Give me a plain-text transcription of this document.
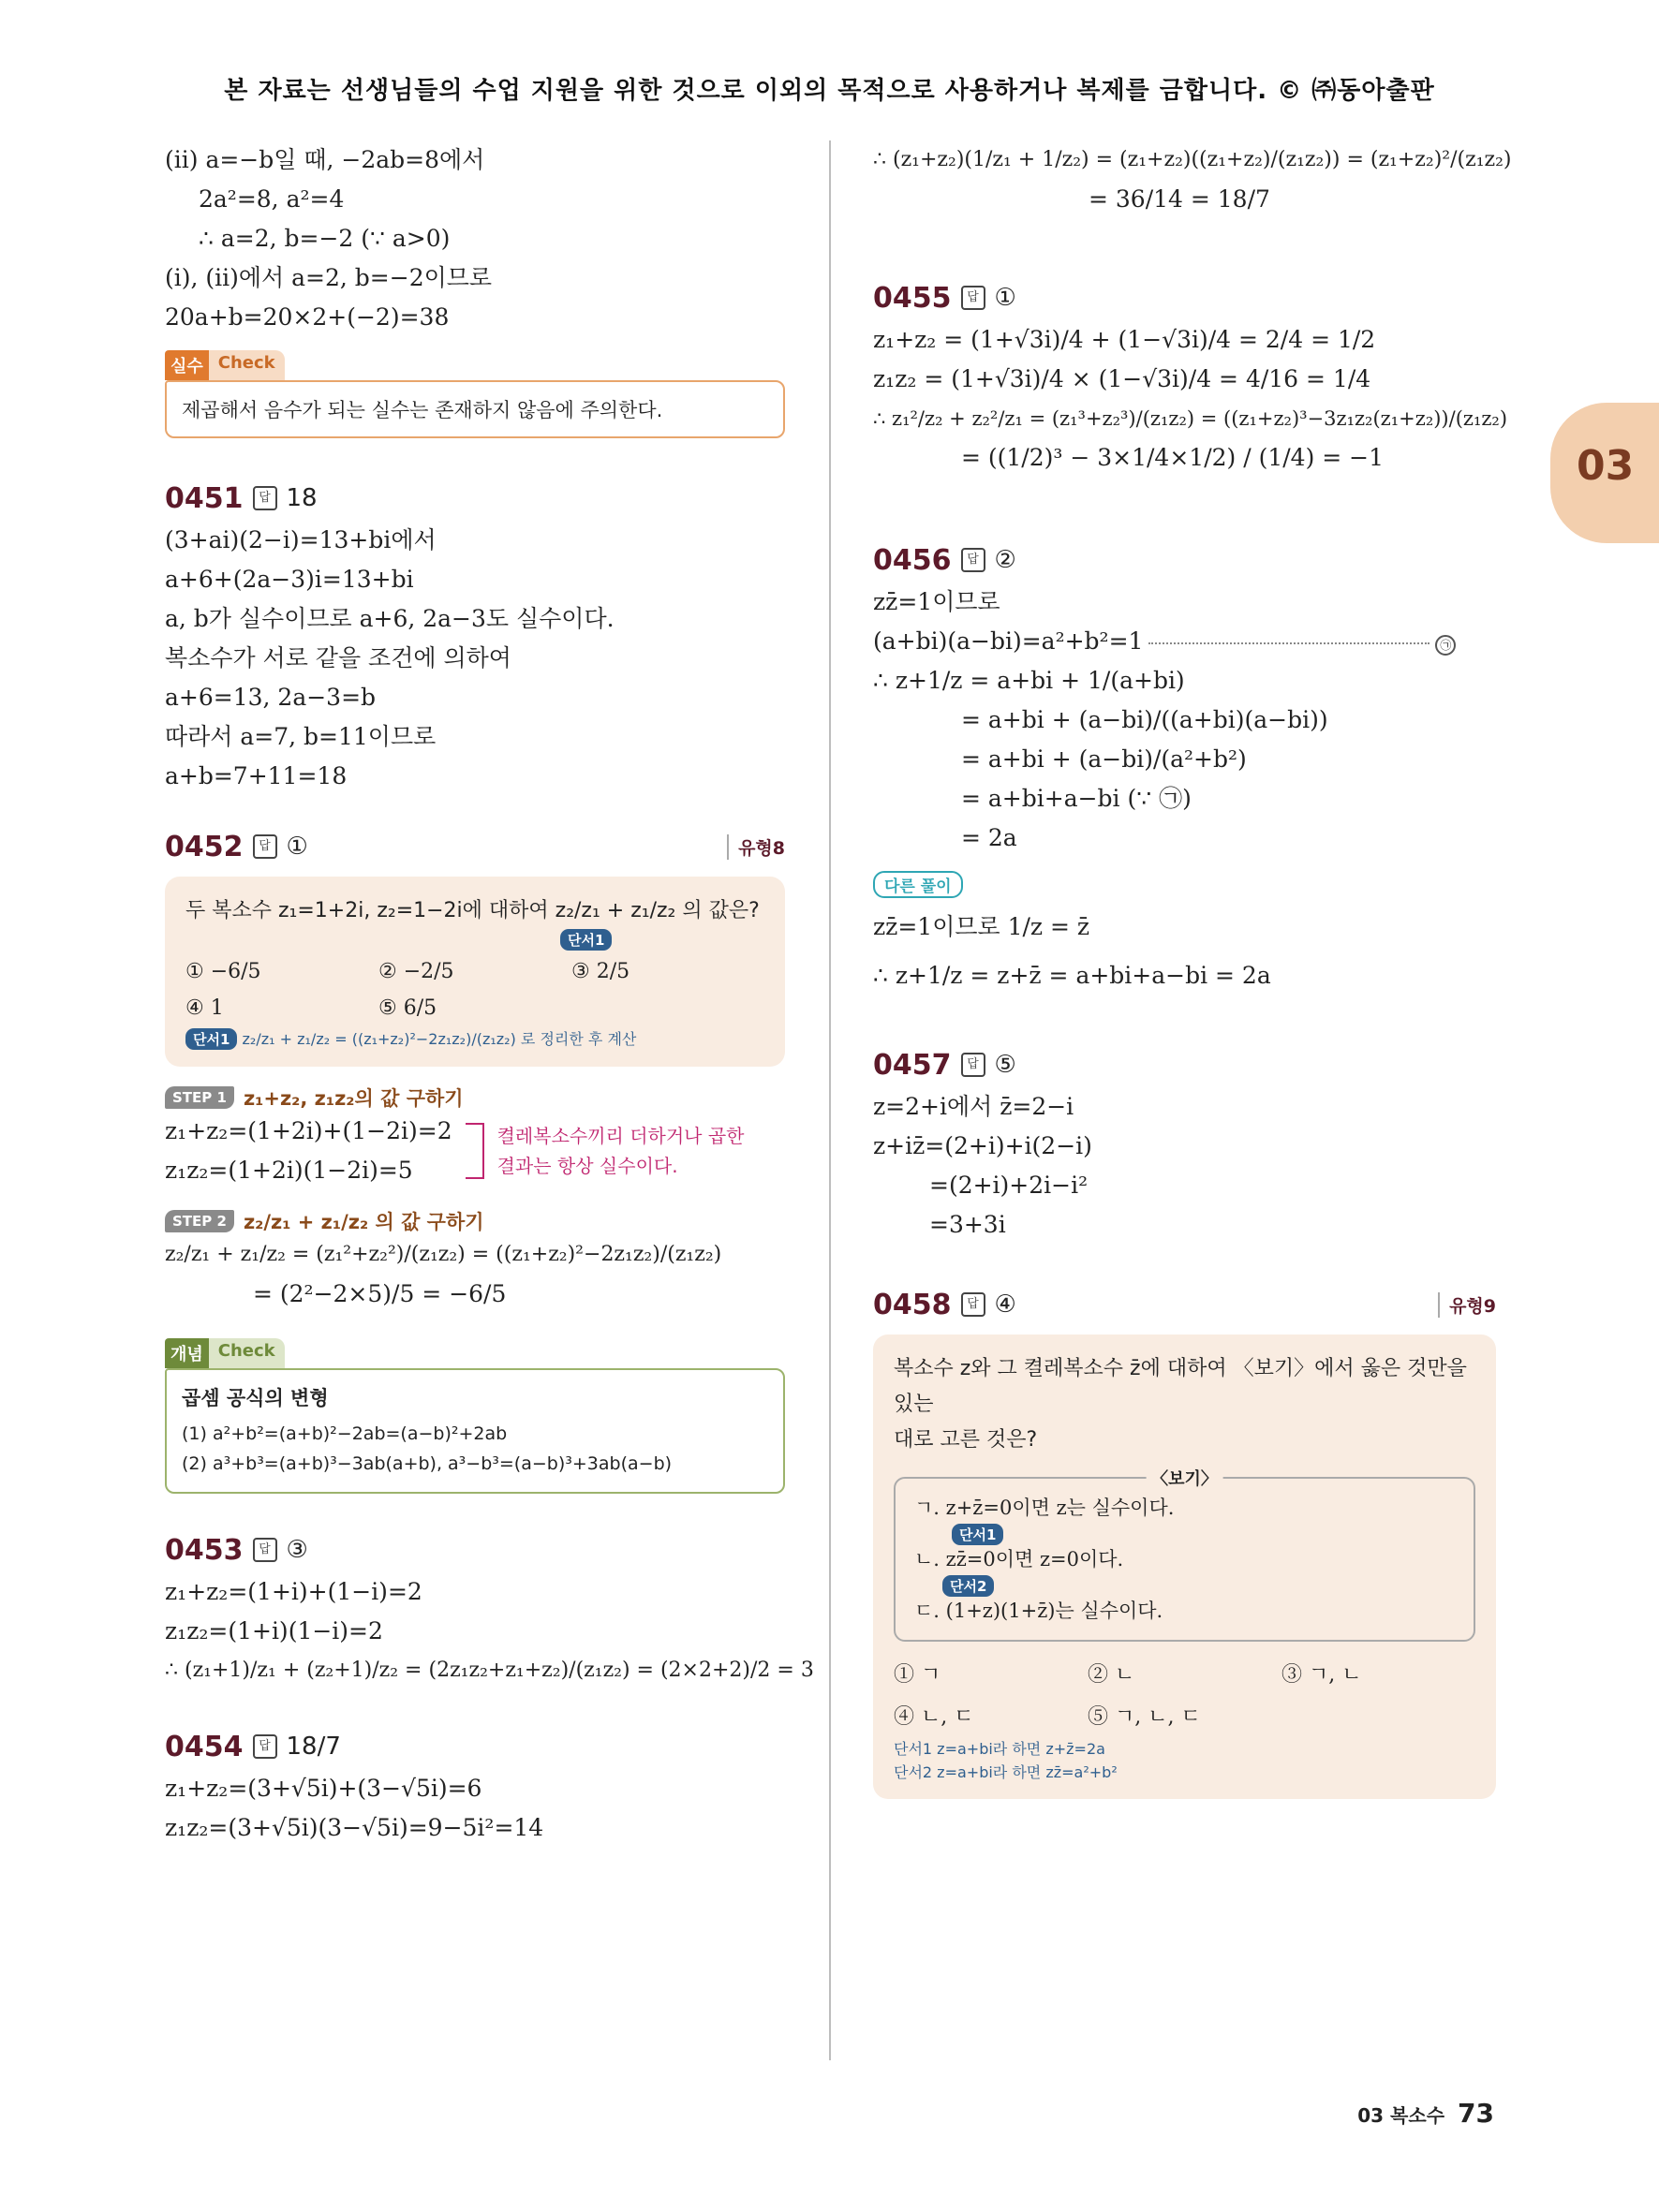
본 자료는 선생님들의 수업 지원을 위한 것으로 이외의 목적으로 사용하거나 복제를 금합니다. © ㈜동아출판
03
(ii) a=−b일 때, −2ab=8에서
2a²=8, a²=4
∴ a=2, b=−2 (∵ a>0)
(i), (ii)에서 a=2, b=−2이므로
20a+b=20×2+(−2)=38
실수 Check
제곱해서 음수가 되는 실수는 존재하지 않음에 주의한다.
0451	답 18
(3+ai)(2−i)=13+bi에서
a+6+(2a−3)i=13+bi
a, b가 실수이므로 a+6, 2a−3도 실수이다.
복소수가 서로 같을 조건에 의하여
a+6=13, 2a−3=b
따라서 a=7, b=11이므로
a+b=7+11=18
0452	답 ①	유형8
두 복소수 z₁=1+2i, z₂=1−2i에 대하여 z₂/z₁ + z₁/z₂ 의 값은?
단서1
① −6/5	② −2/5	③ 2/5
④ 1	⑤ 6/5
단서1 z₂/z₁ + z₁/z₂ = ((z₁+z₂)²−2z₁z₂)/(z₁z₂) 로 정리한 후 계산
STEP 1 z₁+z₂, z₁z₂의 값 구하기
z₁+z₂=(1+2i)+(1−2i)=2
z₁z₂=(1+2i)(1−2i)=5
켤레복소수끼리 더하거나 곱한
결과는 항상 실수이다.
STEP 2 z₂/z₁ + z₁/z₂ 의 값 구하기
z₂/z₁ + z₁/z₂ = (z₁²+z₂²)/(z₁z₂) = ((z₁+z₂)²−2z₁z₂)/(z₁z₂)
= (2²−2×5)/5 = −6/5
개념 Check
곱셈 공식의 변형
(1) a²+b²=(a+b)²−2ab=(a−b)²+2ab
(2) a³+b³=(a+b)³−3ab(a+b), a³−b³=(a−b)³+3ab(a−b)
0453	답 ③
z₁+z₂=(1+i)+(1−i)=2
z₁z₂=(1+i)(1−i)=2
∴ (z₁+1)/z₁ + (z₂+1)/z₂ = (2z₁z₂+z₁+z₂)/(z₁z₂) = (2×2+2)/2 = 3
0454	답 18/7
z₁+z₂=(3+√5i)+(3−√5i)=6
z₁z₂=(3+√5i)(3−√5i)=9−5i²=14
∴ (z₁+z₂)(1/z₁ + 1/z₂) = (z₁+z₂)((z₁+z₂)/(z₁z₂)) = (z₁+z₂)²/(z₁z₂)
= 36/14 = 18/7
0455	답 ①
z₁+z₂ = (1+√3i)/4 + (1−√3i)/4 = 2/4 = 1/2
z₁z₂ = (1+√3i)/4 × (1−√3i)/4 = 4/16 = 1/4
∴ z₁²/z₂ + z₂²/z₁ = (z₁³+z₂³)/(z₁z₂) = ((z₁+z₂)³−3z₁z₂(z₁+z₂))/(z₁z₂)
= ((1/2)³ − 3×1/4×1/2) / (1/4) = −1
0456	답 ②
zz̄=1이므로
(a+bi)(a−bi)=a²+b²=1	㉠
∴ z+1/z = a+bi + 1/(a+bi)
= a+bi + (a−bi)/((a+bi)(a−bi))
= a+bi + (a−bi)/(a²+b²)
= a+bi+a−bi (∵ ㉠)
= 2a
다른 풀이
zz̄=1이므로 1/z = z̄
∴ z+1/z = z+z̄ = a+bi+a−bi = 2a
0457	답 ⑤
z=2+i에서 z̄=2−i
z+iz̄=(2+i)+i(2−i)
=(2+i)+2i−i²
=3+3i
0458	답 ④	유형9
복소수 z와 그 켤레복소수 z̄에 대하여 〈보기〉에서 옳은 것만을 있는
대로 고른 것은?
〈보기〉
ㄱ. z+z̄=0이면 z는 실수이다.
단서1
ㄴ. zz̄=0이면 z=0이다.
단서2
ㄷ. (1+z)(1+z̄)는 실수이다.
① ㄱ	② ㄴ	③ ㄱ, ㄴ
④ ㄴ, ㄷ	⑤ ㄱ, ㄴ, ㄷ
단서1 z=a+bi라 하면 z+z̄=2a
단서2 z=a+bi라 하면 zz̄=a²+b²
03 복소수 73
